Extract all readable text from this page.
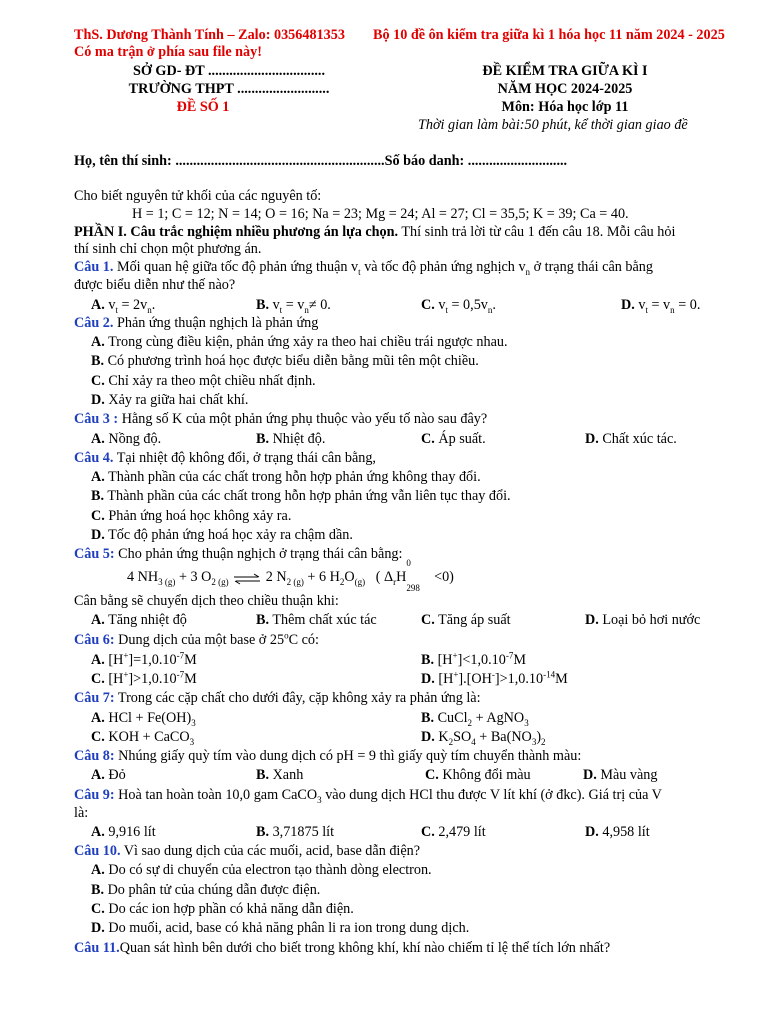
ThS. Dương Thành Tính – Zalo: 0356481353 Bộ 10 đề ôn kiểm tra giữa kì 1 hóa học 11 năm 2024 - 2025
Có ma trận ở phía sau file này!
SỞ GD- ĐT .................................
TRƯỜNG THPT ..........................
ĐỀ SỐ 1
ĐỀ KIỂM TRA GIỮA KÌ I
NĂM HỌC 2024-2025
Môn: Hóa học lớp 11
Thời gian làm bài:50 phút, kể thời gian giao đề
Họ, tên thí sinh: ...........................................................Số báo danh: ............................
Cho biết nguyên tử khối của các nguyên tố:
H = 1; C = 12; N = 14; O = 16; Na = 23; Mg = 24; Al = 27; Cl = 35,5; K = 39; Ca = 40.
PHẦN I. Câu trắc nghiệm nhiều phương án lựa chọn. Thí sinh trả lời từ câu 1 đến câu 18. Mỗi câu hỏi
thí sinh chỉ chọn một phương án.
Câu 1. Mối quan hệ giữa tốc độ phản ứng thuận $v_t$ và tốc độ phản ứng nghịch $v_n$ ở trạng thái cân bằng
được biểu diễn như thế nào?
A. $v_t = 2v_n$.	B. $v_t = v_n\ne 0$.	C. $v_t = 0,5v_n$.	D. $v_t = v_n = 0$.
Câu 2. Phản ứng thuận nghịch là phản ứng
A. Trong cùng điều kiện, phản ứng xảy ra theo hai chiều trái ngược nhau.
B. Có phương trình hoá học được biểu diễn bằng mũi tên một chiều.
C. Chỉ xảy ra theo một chiều nhất định.
D. Xảy ra giữa hai chất khí.
Câu 3 : Hằng số K của một phản ứng phụ thuộc vào yếu tố nào sau đây?
A. Nồng độ.	B. Nhiệt độ.	C. Áp suất.	D. Chất xúc tác.
Câu 4. Tại nhiệt độ không đổi, ở trạng thái cân bằng,
A. Thành phần của các chất trong hỗn hợp phản ứng không thay đổi.
B. Thành phần của các chất trong hỗn hợp phản ứng vẫn liên tục thay đổi.
C. Phản ứng hoá học không xảy ra.
D. Tốc độ phản ứng hoá học xảy ra chậm dần.
Câu 5: Cho phản ứng thuận nghịch ở trạng thái cân bằng:
4 $NH_{3 (g)} + 3$ $O_{2 (g)}$ ⇌ 2 $N_{2 (g)} + 6$ $H_2O_{(g)}$   ( $\Delta_rH$
0
$_{298}$    <0)
Cân bằng sẽ chuyển dịch theo chiều thuận khi:
A. Tăng nhiệt độ	B. Thêm chất xúc tác	C. Tăng áp suất	D. Loại bỏ hơi nước
Câu 6: Dung dịch của một base ở 25$^o$C có:
A. $[H^+]=1,0.10^{-7}M$	B. $[H^+]<1,0.10^{-7}M$
C. $[H^+]>1,0.10^{-7}M$	D. $[H^+].[OH^-]>1,0.10^{-14}M$
Câu 7: Trong các cặp chất cho dưới đây, cặp không xảy ra phản ứng là:
A. HCl + $Fe(OH)_3$	B. CuCl$_2$ + AgNO$_3$
C. KOH + CaCO$_3$	D. $K_2SO_4 + Ba(NO_3)_2$
Câu 8: Nhúng giấy quỳ tím vào dung dịch có pH = 9 thì giấy quỳ tím chuyển thành màu:
A. Đỏ	B. Xanh	C. Không đổi màu	D. Màu vàng
Câu 9: Hoà tan hoàn toàn 10,0 gam CaCO$_3$ vào dung dịch HCl thu được V lít khí (ở đkc). Giá trị của V
là:
A. 9,916 lít	B. 3,71875 lít	C. 2,479 lít	D. 4,958 lít
Câu 10. Vì sao dung dịch của các muối, acid, base dẫn điện?
A. Do có sự di chuyển của electron tạo thành dòng electron.
B. Do phân tử của chúng dẫn được điện.
C. Do các ion hợp phần có khả năng dẫn điện.
D. Do muối, acid, base có khả năng phân li ra ion trong dung dịch.
Câu 11.Quan sát hình bên dưới cho biết trong không khí, khí nào chiếm tỉ lệ thể tích lớn nhất?
